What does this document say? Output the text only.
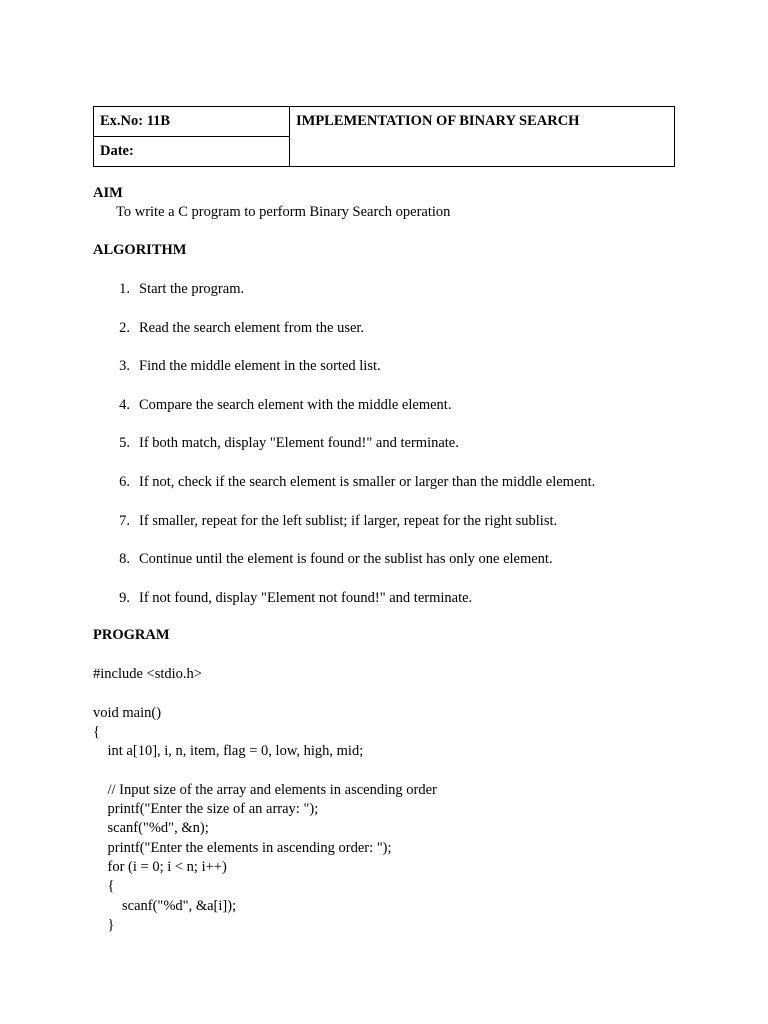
Ex.No: 11B	IMPLEMENTATION OF BINARY SEARCH
Date:
AIM
To write a C program to perform Binary Search operation
ALGORITHM
1. Start the program.
2. Read the search element from the user.
3. Find the middle element in the sorted list.
4. Compare the search element with the middle element.
5. If both match, display "Element found!" and terminate.
6. If not, check if the search element is smaller or larger than the middle element.
7. If smaller, repeat for the left sublist; if larger, repeat for the right sublist.
8. Continue until the element is found or the sublist has only one element.
9. If not found, display "Element not found!" and terminate.
PROGRAM
#include <stdio.h>
void main()
{
int a[10], i, n, item, flag = 0, low, high, mid;
// Input size of the array and elements in ascending order
printf("Enter the size of an array: ");
scanf("%d", &n);
printf("Enter the elements in ascending order: ");
for (i = 0; i < n; i++)
{
scanf("%d", &a[i]);
}
